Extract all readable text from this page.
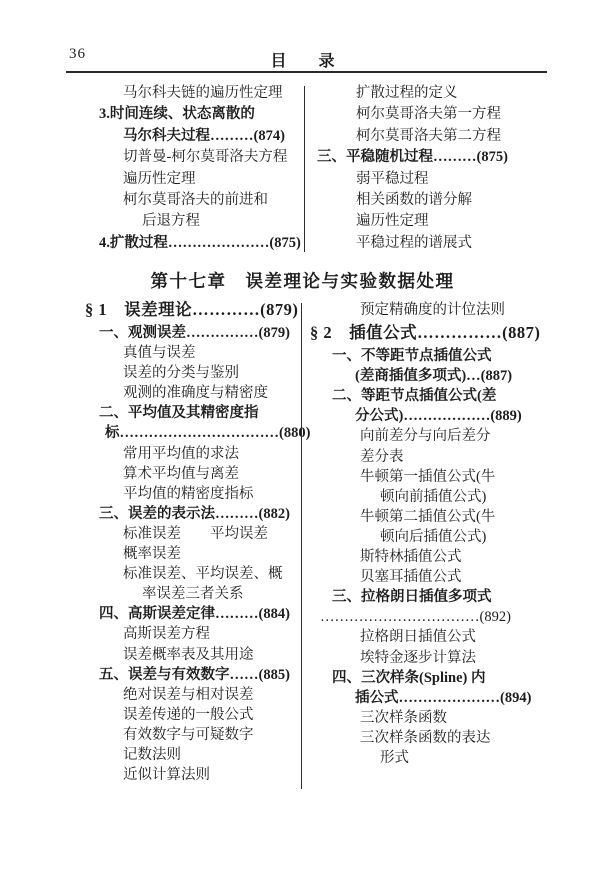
36	目　　录
马尔科夫链的遍历性定理
3.时间连续、状态离散的
马尔科夫过程………(874)
切普曼-柯尔莫哥洛夫方程
遍历性定理
柯尔莫哥洛夫的前进和
后退方程
4.扩散过程…………………(875)
扩散过程的定义
柯尔莫哥洛夫第一方程
柯尔莫哥洛夫第二方程
三、平稳随机过程………(875)
弱平稳过程
相关函数的谱分解
遍历性定理
平稳过程的谱展式
第十七章　误差理论与实验数据处理
§ 1　误差理论…………(879)
一、观测误差……………(879)
真值与误差
误差的分类与鉴别
观测的准确度与精密度
二、平均值及其精密度指
标……………………………(880)
常用平均值的求法
算术平均值与离差
平均值的精密度指标
三、误差的表示法………(882)
标准误差　　平均误差
概率误差
标准误差、平均误差、概
率误差三者关系
四、高斯误差定律………(884)
高斯误差方程
误差概率表及其用途
五、误差与有效数字……(885)
绝对误差与相对误差
误差传递的一般公式
有效数字与可疑数字
记数法则
近似计算法则
预定精确度的计位法则
§ 2　插值公式……………(887)
一、不等距节点插值公式
(差商插值多项式)…(887)
二、等距节点插值公式(差
分公式)………………(889)
向前差分与向后差分
差分表
牛顿第一插值公式(牛
顿向前插值公式)
牛顿第二插值公式(牛
顿向后插值公式)
斯特林插值公式
贝塞耳插值公式
三、拉格朗日插值多项式
……………………………(892)
拉格朗日插值公式
埃特金逐步计算法
四、三次样条(Spline) 内
插公式…………………(894)
三次样条函数
三次样条函数的表达
形式
